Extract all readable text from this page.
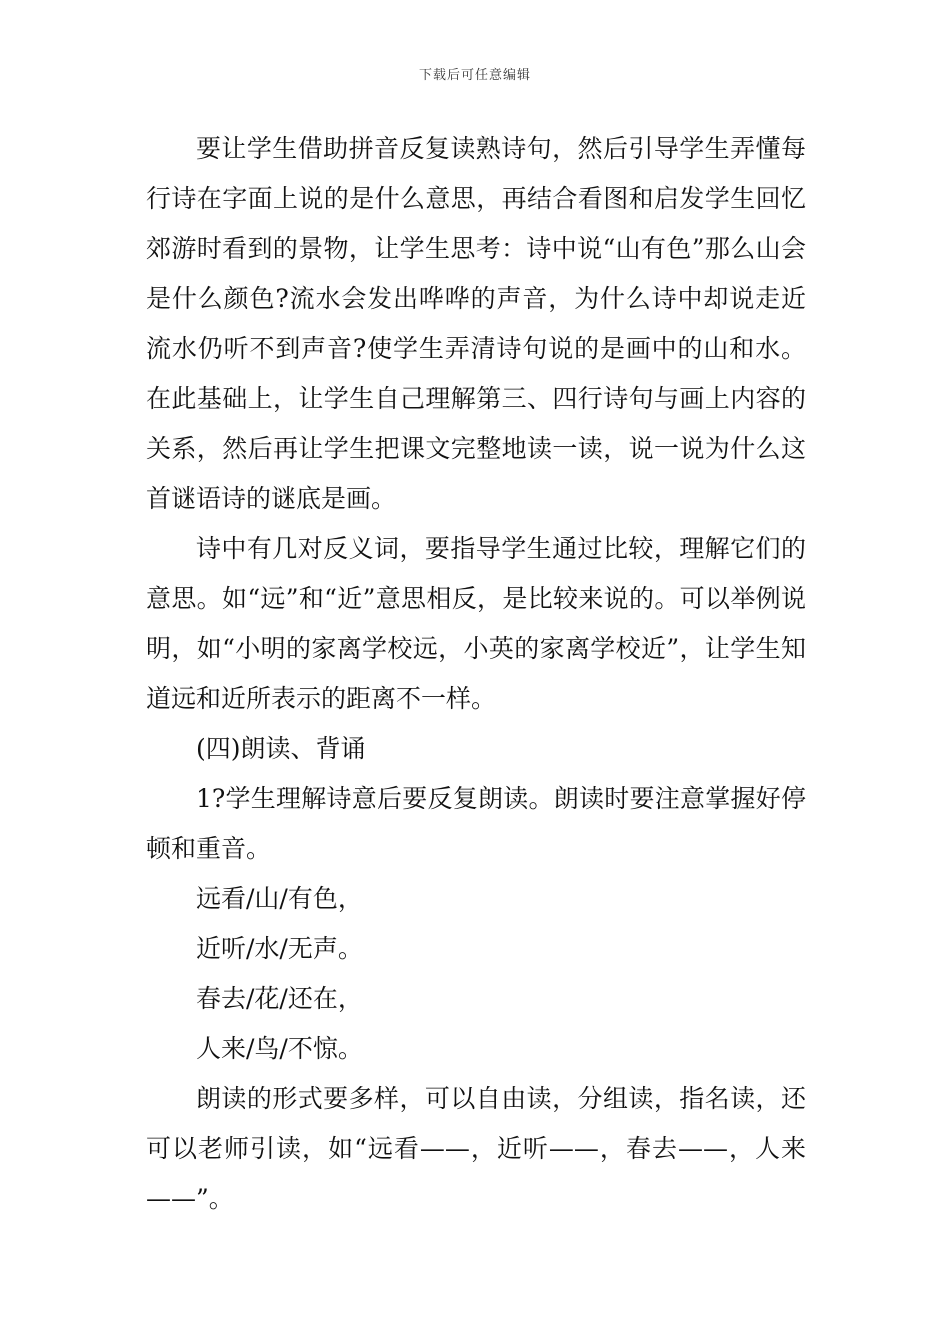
下载后可任意编辑

要让学生借助拼音反复读熟诗句，然后引导学生弄懂每行诗在字面上说的是什么意思，再结合看图和启发学生回忆郊游时看到的景物，让学生思考：诗中说“山有色”那么山会是什么颜色?流水会发出哗哗的声音，为什么诗中却说走近流水仍听不到声音?使学生弄清诗句说的是画中的山和水。在此基础上，让学生自己理解第三、四行诗句与画上内容的关系，然后再让学生把课文完整地读一读，说一说为什么这首谜语诗的谜底是画。

诗中有几对反义词，要指导学生通过比较，理解它们的意思。如“远”和“近”意思相反，是比较来说的。可以举例说明，如“小明的家离学校远，小英的家离学校近”，让学生知道远和近所表示的距离不一样。

(四)朗读、背诵

1?学生理解诗意后要反复朗读。朗读时要注意掌握好停顿和重音。

远看/山/有色，

近听/水/无声。

春去/花/还在，

人来/鸟/不惊。

朗读的形式要多样，可以自由读，分组读，指名读，还可以老师引读，如“远看——，近听——，春去——，人来——”。
